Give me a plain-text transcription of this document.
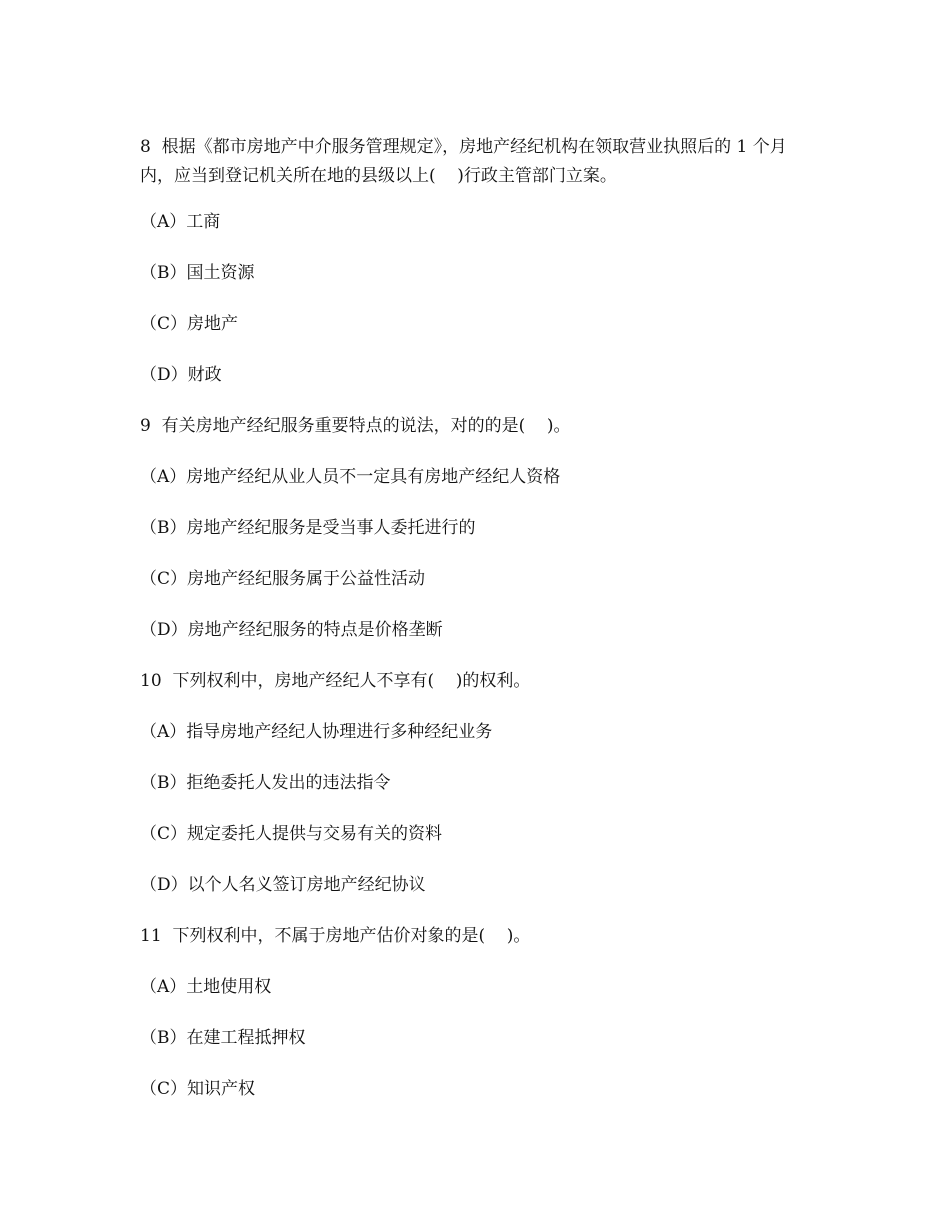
8 根据《都市房地产中介服务管理规定》，房地产经纪机构在领取营业执照后的 1 个月内，应当到登记机关所在地的县级以上(    )行政主管部门立案。

（A）工商

（B）国土资源

（C）房地产

（D）财政

9 有关房地产经纪服务重要特点的说法，对的的是(    )。

（A）房地产经纪从业人员不一定具有房地产经纪人资格

（B）房地产经纪服务是受当事人委托进行的

（C）房地产经纪服务属于公益性活动

（D）房地产经纪服务的特点是价格垄断

10 下列权利中，房地产经纪人不享有(    )的权利。

（A）指导房地产经纪人协理进行多种经纪业务

（B）拒绝委托人发出的违法指令

（C）规定委托人提供与交易有关的资料

（D）以个人名义签订房地产经纪协议

11 下列权利中，不属于房地产估价对象的是(    )。

（A）土地使用权

（B）在建工程抵押权

（C）知识产权
